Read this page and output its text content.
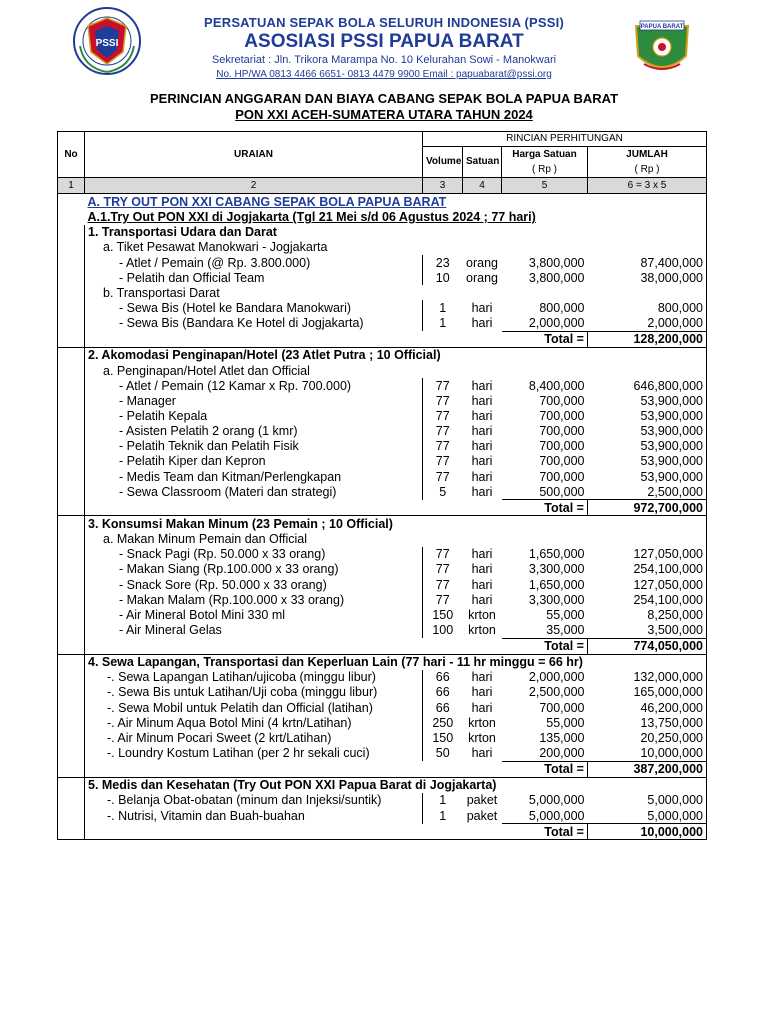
PSSI
PERSATUAN SEPAK BOLA SELURUH INDONESIA (PSSI)
ASOSIASI PSSI PAPUA BARAT
Sekretariat : Jln. Trikora Marampa No. 10 Kelurahan Sowi - Manokwari
No. HP/WA 0813 4466 6651- 0813 4479 9900 Email : papuabarat@pssi.org
PAPUA BARAT
PERINCIAN ANGGARAN DAN BIAYA CABANG SEPAK BOLA PAPUA BARAT
PON XXI ACEH-SUMATERA UTARA TAHUN 2024
No	URAIAN	RINCIAN PERHITUNGAN			
		Volume	Satuan	Harga Satuan	JUMLAH
				( Rp )	( Rp )
1	2	3	4	5	6 = 3 x 5
	A. TRY OUT PON XXI CABANG SEPAK BOLA PAPUA BARAT				
	A.1.Try Out PON XXI di Jogjakarta (Tgl 21 Mei s/d 06 Agustus 2024 ; 77 hari)				
	1. Transportasi Udara dan Darat				
	a. Tiket Pesawat Manokwari - Jogjakarta				
	- Atlet / Pemain (@ Rp. 3.800.000)	23	orang	3,800,000	87,400,000
	- Pelatih dan Official Team	10	orang	3,800,000	38,000,000
	b. Transportasi Darat				
	- Sewa Bis (Hotel ke Bandara Manokwari)	1	hari	800,000	800,000
	- Sewa Bis (Bandara Ke Hotel di Jogjakarta)	1	hari	2,000,000	2,000,000
				Total =	128,200,000
	2. Akomodasi Penginapan/Hotel (23 Atlet Putra ; 10 Official)				
	a. Penginapan/Hotel Atlet dan Official				
	- Atlet / Pemain (12 Kamar x Rp. 700.000)	77	hari	8,400,000	646,800,000
	- Manager	77	hari	700,000	53,900,000
	- Pelatih Kepala	77	hari	700,000	53,900,000
	- Asisten Pelatih 2 orang (1 kmr)	77	hari	700,000	53,900,000
	- Pelatih Teknik dan Pelatih Fisik	77	hari	700,000	53,900,000
	- Pelatih Kiper dan Kepron	77	hari	700,000	53,900,000
	- Medis Team dan Kitman/Perlengkapan	77	hari	700,000	53,900,000
	- Sewa Classroom (Materi dan strategi)	5	hari	500,000	2,500,000
				Total =	972,700,000
	3. Konsumsi Makan Minum (23 Pemain ; 10 Official)				
	a. Makan Minum Pemain dan Official				
	- Snack Pagi (Rp. 50.000 x 33 orang)	77	hari	1,650,000	127,050,000
	- Makan Siang (Rp.100.000 x 33 orang)	77	hari	3,300,000	254,100,000
	- Snack Sore (Rp. 50.000 x 33 orang)	77	hari	1,650,000	127,050,000
	- Makan Malam (Rp.100.000 x 33 orang)	77	hari	3,300,000	254,100,000
	- Air Mineral Botol Mini 330 ml	150	krton	55,000	8,250,000
	- Air Mineral Gelas	100	krton	35,000	3,500,000
				Total =	774,050,000
	4. Sewa Lapangan, Transportasi dan Keperluan Lain (77 hari - 11 hr minggu = 66 hr)				
	-. Sewa Lapangan Latihan/ujicoba (minggu libur)	66	hari	2,000,000	132,000,000
	-. Sewa Bis untuk Latihan/Uji coba (minggu libur)	66	hari	2,500,000	165,000,000
	-. Sewa Mobil untuk Pelatih dan Official (latihan)	66	hari	700,000	46,200,000
	-. Air Minum Aqua Botol Mini (4 krtn/Latihan)	250	krton	55,000	13,750,000
	-. Air Minum Pocari Sweet (2 krt/Latihan)	150	krton	135,000	20,250,000
	-. Loundry Kostum Latihan (per 2 hr sekali cuci)	50	hari	200,000	10,000,000
				Total =	387,200,000
	5. Medis dan Kesehatan (Try Out PON XXI Papua Barat di Jogjakarta)				
	-. Belanja Obat-obatan (minum dan Injeksi/suntik)	1	paket	5,000,000	5,000,000
	-. Nutrisi, Vitamin dan Buah-buahan	1	paket	5,000,000	5,000,000
				Total =	10,000,000
